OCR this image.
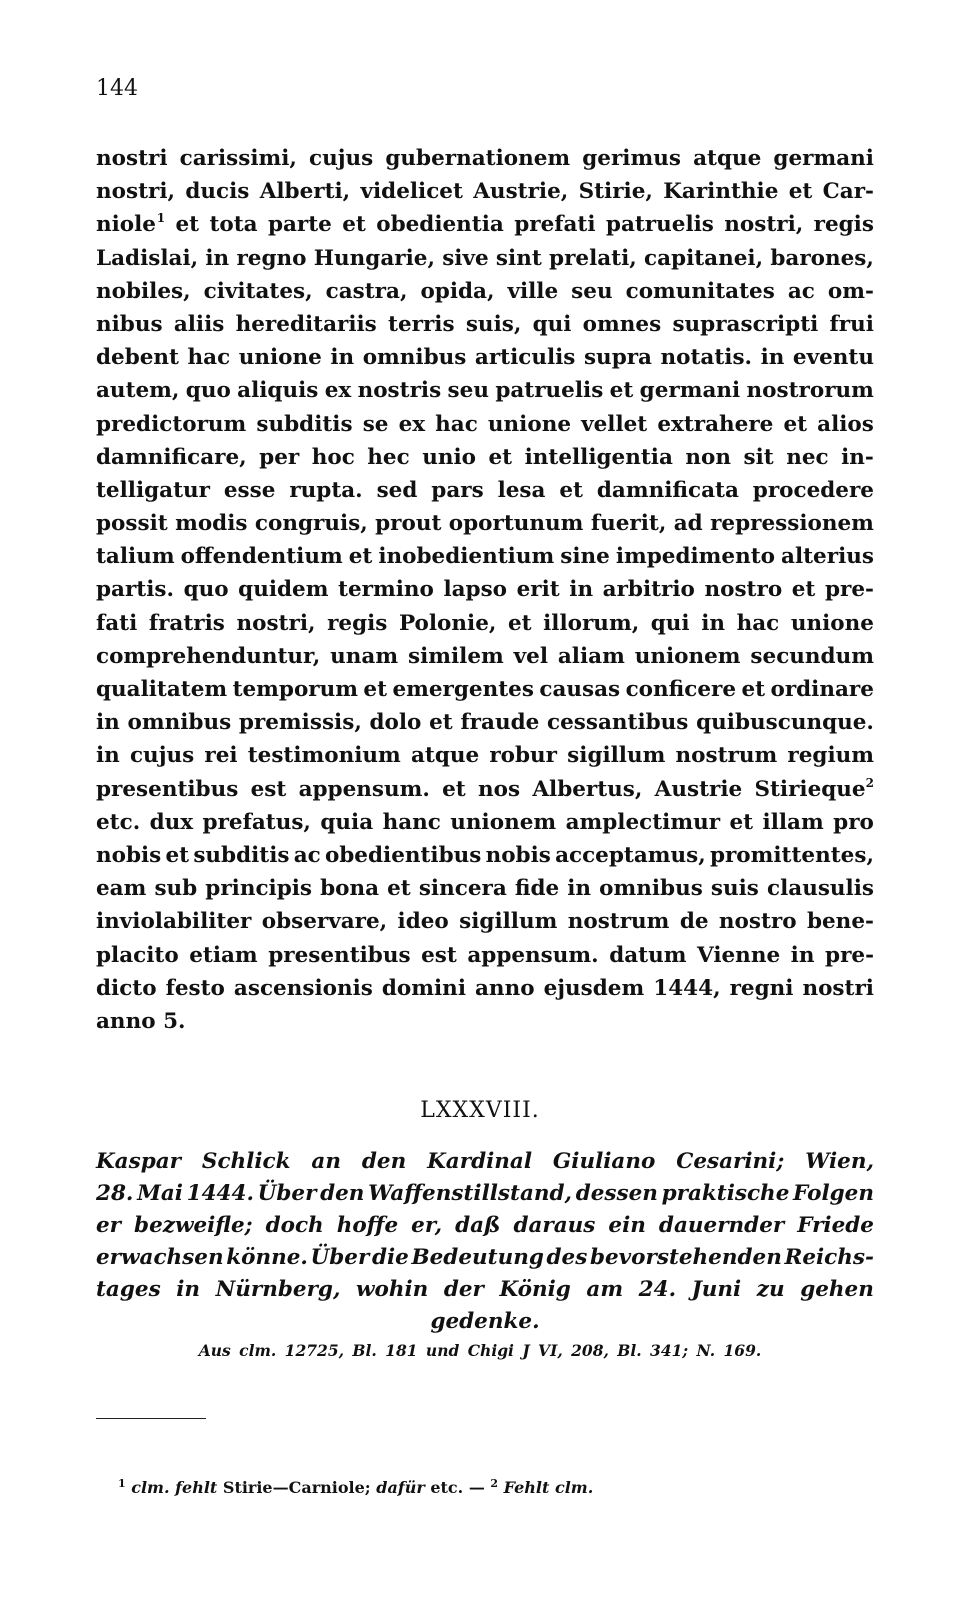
144
nostri carissimi, cujus gubernationem gerimus atque germani
nostri, ducis Alberti, videlicet Austrie, Stirie, Karinthie et Car-
niole $^1$ et tota parte et obedientia prefati patruelis nostri, regis
Ladislai, in regno Hungarie, sive sint prelati, capitanei, barones,
nobiles, civitates, castra, opida, ville seu comunitates ac om-
nibus aliis hereditariis terris suis, qui omnes suprascripti frui
debent hac unione in omnibus articulis supra notatis. in eventu
autem, quo aliquis ex nostris seu patruelis et germani nostrorum
predictorum subditis se ex hac unione vellet extrahere et alios
damnificare, per hoc hec unio et intelligentia non sit nec in-
telligatur esse rupta. sed pars lesa et damnificata procedere
possit modis congruis, prout oportunum fuerit, ad repressionem
talium offendentium et inobedientium sine impedimento alterius
partis. quo quidem termino lapso erit in arbitrio nostro et pre-
fati fratris nostri, regis Polonie, et illorum, qui in hac unione
comprehenduntur, unam similem vel aliam unionem secundum
qualitatem temporum et emergentes causas conficere et ordinare
in omnibus premissis, dolo et fraude cessantibus quibuscunque.
in cujus rei testimonium atque robur sigillum nostrum regium
presentibus est appensum. et nos Albertus, Austrie Stirieque$^2$
etc. dux prefatus, quia hanc unionem amplectimur et illam pro
nobis et subditis ac obedientibus nobis acceptamus, promittentes,
eam sub principis bona et sincera fide in omnibus suis clausulis
inviolabiliter observare, ideo sigillum nostrum de nostro bene-
placito etiam presentibus est appensum. datum Vienne in pre-
dicto festo ascensionis domini anno ejusdem 1444, regni nostri
anno 5.
LXXXVIII.
Kaspar Schlick an den Kardinal Giuliano Cesarini; Wien,
28. Mai 1444. Über den Waffenstillstand, dessen praktische Folgen
er bezweifle; doch hoffe er, daß daraus ein dauernder Friede
erwachsen könne. Über die Bedeutung des bevorstehenden Reichs-
tages in Nürnberg, wohin der König am 24. Juni zu gehen
gedenke.
Aus clm. 12725, Bl. 181 und Chigi J VI, 208, Bl. 341; N. 169.
$^1$ clm. fehlt Stirie—Carniole; dafür etc. — $^2$ Fehlt clm.
